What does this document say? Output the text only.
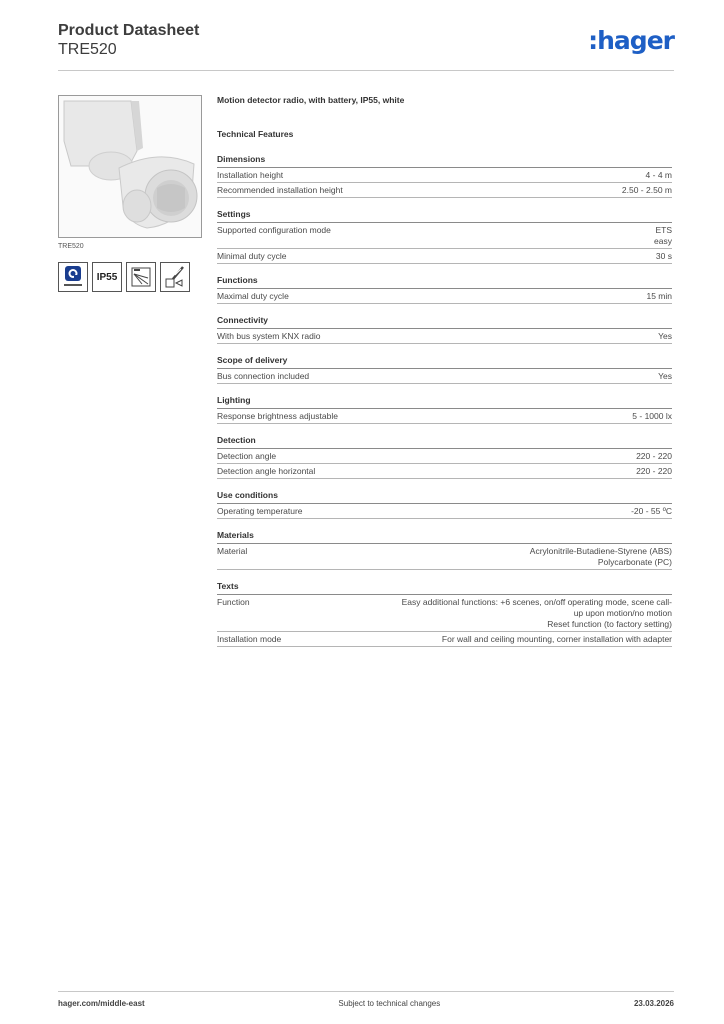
Product Datasheet
TRE520	:hager
TRE520
IP55
Motion detector radio, with battery, IP55, white
Technical Features
Dimensions
Installation height	4 - 4 m
Recommended installation height	2.50 - 2.50 m
Settings
Supported configuration mode	ETS
easy
Minimal duty cycle	30 s
Functions
Maximal duty cycle	15 min
Connectivity
With bus system KNX radio	Yes
Scope of delivery
Bus connection included	Yes
Lighting
Response brightness adjustable	5 - 1000 lx
Detection
Detection angle	220 - 220
Detection angle horizontal	220 - 220
Use conditions
Operating temperature	-20 - 55 ºC
Materials
Material	Acrylonitrile-Butadiene-Styrene (ABS)
Polycarbonate (PC)
Texts
Function	Easy additional functions: +6 scenes, on/off operating mode, scene call-
up upon motion/no motion
Reset function (to factory setting)
Installation mode	For wall and ceiling mounting, corner installation with adapter
hager.com/middle-east	Subject to technical changes	23.03.2026
